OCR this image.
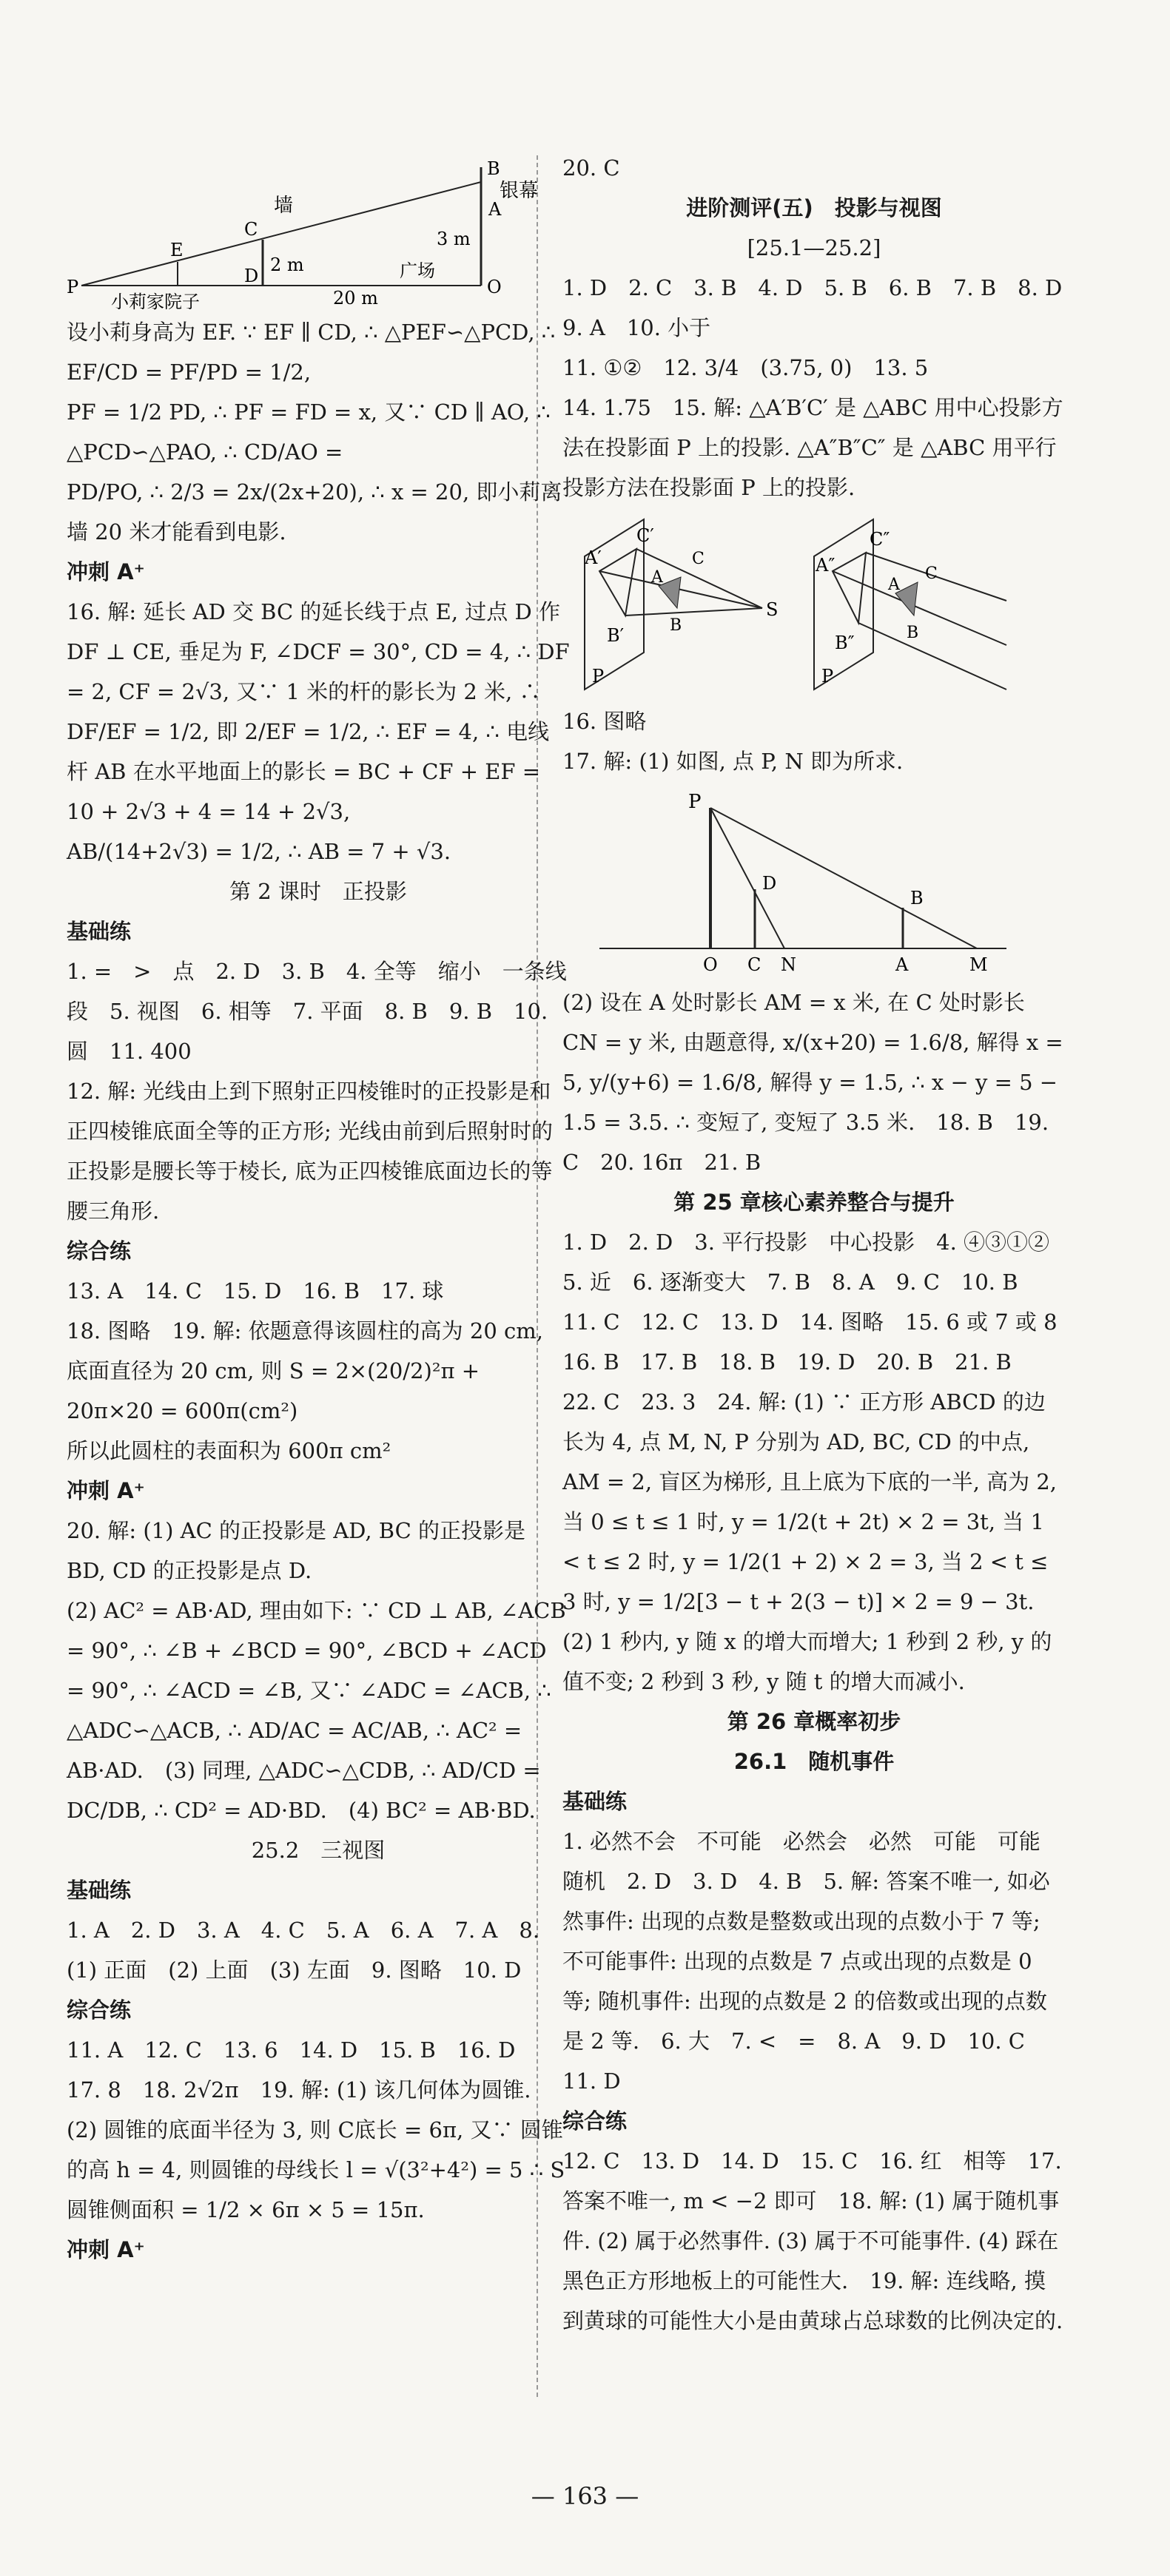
B
银幕
A
墙
C
E
D
P	O
3 m
2 m	广场
20 m
小莉家院子

设小莉身高为 EF. ∵ EF ∥ CD, ∴ △PEF∽△PCD, ∴ EF/CD = PF/PD = 1/2,

PF = 1/2 PD, ∴ PF = FD = x, 又∵ CD ∥ AO, ∴ △PCD∽△PAO, ∴ CD/AO =

PD/PO, ∴ 2/3 = 2x/(2x+20), ∴ x = 20, 即小莉离墙 20 米才能看到电影.

冲刺 A⁺

16. 解: 延长 AD 交 BC 的延长线于点 E, 过点 D 作 DF ⊥ CE, 垂足为 F, ∠DCF = 30°, CD = 4, ∴ DF = 2, CF = 2√3, 又∵ 1 米的杆的影长为 2 米, ∴ DF/EF = 1/2, 即 2/EF = 1/2, ∴ EF = 4, ∴ 电线杆 AB 在水平地面上的影长 = BC + CF + EF = 10 + 2√3 + 4 = 14 + 2√3,

AB/(14+2√3) = 1/2, ∴ AB = 7 + √3.

第 2 课时　正投影

基础练

1. =　>　点　2. D　3. B　4. 全等　缩小　一条线段　5. 视图　6. 相等　7. 平面　8. B　9. B　10. 圆　11. 400

12. 解: 光线由上到下照射正四棱锥时的正投影是和正四棱锥底面全等的正方形; 光线由前到后照射时的正投影是腰长等于棱长, 底为正四棱锥底面边长的等腰三角形.

综合练

13. A　14. C　15. D　16. B　17. 球

18. 图略　19. 解: 依题意得该圆柱的高为 20 cm, 底面直径为 20 cm, 则 S = 2×(20/2)²π + 20π×20 = 600π(cm²)

所以此圆柱的表面积为 600π cm²

冲刺 A⁺

20. 解: (1) AC 的正投影是 AD, BC 的正投影是 BD, CD 的正投影是点 D.

(2) AC² = AB·AD, 理由如下: ∵ CD ⊥ AB, ∠ACB = 90°, ∴ ∠B + ∠BCD = 90°, ∠BCD + ∠ACD = 90°, ∴ ∠ACD = ∠B, 又∵ ∠ADC = ∠ACB, ∴ △ADC∽△ACB, ∴ AD/AC = AC/AB, ∴ AC² = AB·AD.　(3) 同理, △ADC∽△CDB, ∴ AD/CD = DC/DB, ∴ CD² = AD·BD.　(4) BC² = AB·BD.

25.2　三视图

基础练

1. A　2. D　3. A　4. C　5. A　6. A　7. A　8. (1) 正面　(2) 上面　(3) 左面　9. 图略　10. D

综合练

11. A　12. C　13. 6　14. D　15. B　16. D　17. 8　18. 2√2π　19. 解: (1) 该几何体为圆锥.　(2) 圆锥的底面半径为 3, 则 C底长 = 6π, 又∵ 圆锥的高 h = 4, 则圆锥的母线长 l = √(3²+4²) = 5 ∴ S圆锥侧面积 = 1/2 × 6π × 5 = 15π.

冲刺 A⁺

20. C

进阶测评(五)　投影与视图

[25.1—25.2]

1. D　2. C　3. B　4. D　5. B　6. B　7. B　8. D　9. A　10. 小于

11. ①②　12. 3/4　(3.75, 0)　13. 5

14. 1.75　15. 解: △A′B′C′ 是 △ABC 用中心投影方法在投影面 P 上的投影. △A″B″C″ 是 △ABC 用平行投影方法在投影面 P 上的投影.

A′
C′
A
C
S
B′	B
P
A″
C″
A
C
B″	B
P

16. 图略

17. 解: (1) 如图, 点 P, N 即为所求.

P
D
B
O C N	A	M

(2) 设在 A 处时影长 AM = x 米, 在 C 处时影长 CN = y 米, 由题意得, x/(x+20) = 1.6/8, 解得 x = 5, y/(y+6) = 1.6/8, 解得 y = 1.5, ∴ x − y = 5 − 1.5 = 3.5. ∴ 变短了, 变短了 3.5 米.　18. B　19. C　20. 16π　21. B

第 25 章核心素养整合与提升

1. D　2. D　3. 平行投影　中心投影　4. ④③①②　5. 近　6. 逐渐变大　7. B　8. A　9. C　10. B　11. C　12. C　13. D　14. 图略　15. 6 或 7 或 8　16. B　17. B　18. B　19. D　20. B　21. B　22. C　23. 3　24. 解: (1) ∵ 正方形 ABCD 的边长为 4, 点 M, N, P 分别为 AD, BC, CD 的中点, AM = 2, 盲区为梯形, 且上底为下底的一半, 高为 2, 当 0 ≤ t ≤ 1 时, y = 1/2(t + 2t) × 2 = 3t, 当 1 < t ≤ 2 时, y = 1/2(1 + 2) × 2 = 3, 当 2 < t ≤ 3 时, y = 1/2[3 − t + 2(3 − t)] × 2 = 9 − 3t.　(2) 1 秒内, y 随 x 的增大而增大; 1 秒到 2 秒, y 的值不变; 2 秒到 3 秒, y 随 t 的增大而减小.

第 26 章概率初步

26.1　随机事件

基础练

1. 必然不会　不可能　必然会　必然　可能　可能　随机　2. D　3. D　4. B　5. 解: 答案不唯一, 如必然事件: 出现的点数是整数或出现的点数小于 7 等; 不可能事件: 出现的点数是 7 点或出现的点数是 0 等; 随机事件: 出现的点数是 2 的倍数或出现的点数是 2 等.　6. 大　7. <　=　8. A　9. D　10. C　11. D

综合练

12. C　13. D　14. D　15. C　16. 红　相等　17. 答案不唯一, m < −2 即可　18. 解: (1) 属于随机事件. (2) 属于必然事件. (3) 属于不可能事件. (4) 踩在黑色正方形地板上的可能性大.　19. 解: 连线略, 摸到黄球的可能性大小是由黄球占总球数的比例决定的.

— 163 —
